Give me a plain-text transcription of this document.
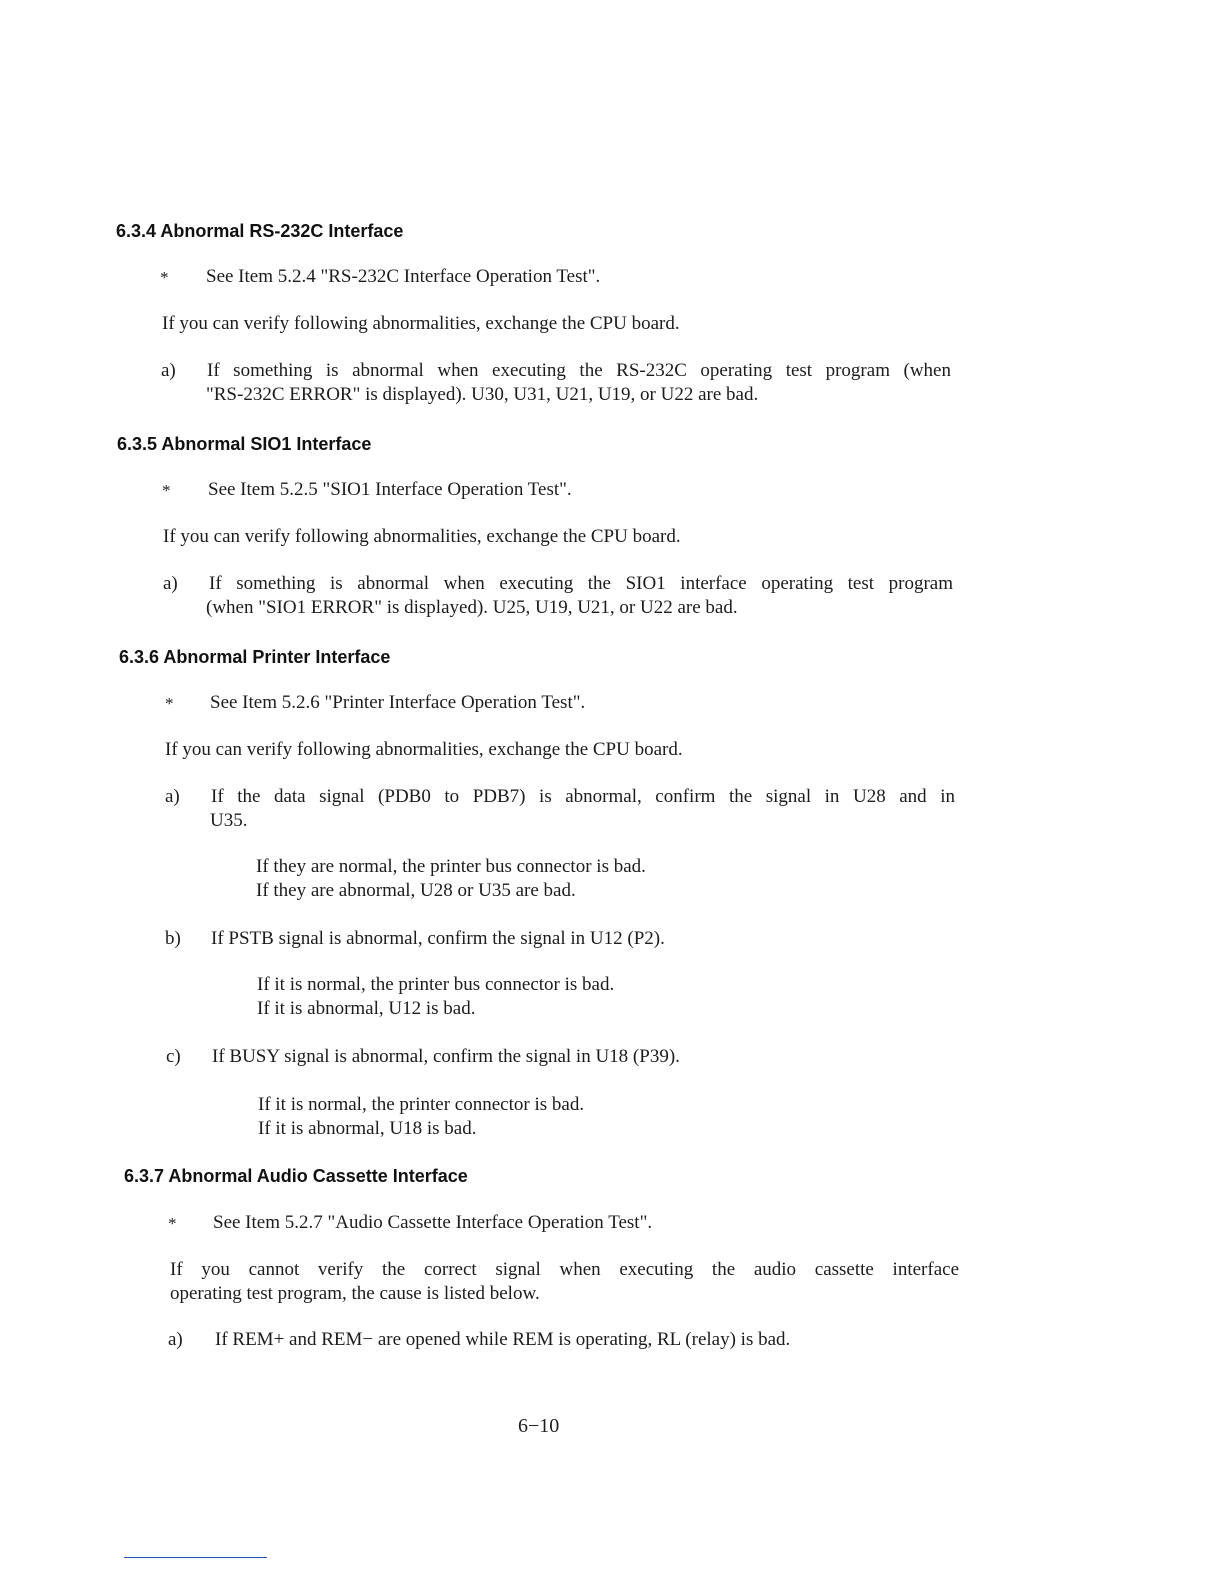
6.3.4 Abnormal RS-232C Interface
* See Item 5.2.4 "RS-232C Interface Operation Test".
If you can verify following abnormalities, exchange the CPU board.
a) If something is abnormal when executing the RS-232C operating test program (when
"RS-232C ERROR" is displayed). U30, U31, U21, U19, or U22 are bad.
6.3.5 Abnormal SIO1 Interface
* See Item 5.2.5 "SIO1 Interface Operation Test".
If you can verify following abnormalities, exchange the CPU board.
a) If something is abnormal when executing the SIO1 interface operating test program
(when "SIO1 ERROR" is displayed). U25, U19, U21, or U22 are bad.
6.3.6 Abnormal Printer Interface
* See Item 5.2.6 "Printer Interface Operation Test".
If you can verify following abnormalities, exchange the CPU board.
a) If the data signal (PDB0 to PDB7) is abnormal, confirm the signal in U28 and in
U35.
If they are normal, the printer bus connector is bad.
If they are abnormal, U28 or U35 are bad.
b) If PSTB signal is abnormal, confirm the signal in U12 (P2).
If it is normal, the printer bus connector is bad.
If it is abnormal, U12 is bad.
c) If BUSY signal is abnormal, confirm the signal in U18 (P39).
If it is normal, the printer connector is bad.
If it is abnormal, U18 is bad.
6.3.7 Abnormal Audio Cassette Interface
* See Item 5.2.7 "Audio Cassette Interface Operation Test".
If you cannot verify the correct signal when executing the audio cassette interface
operating test program, the cause is listed below.
a) If REM+ and REM− are opened while REM is operating, RL (relay) is bad.
6−10
